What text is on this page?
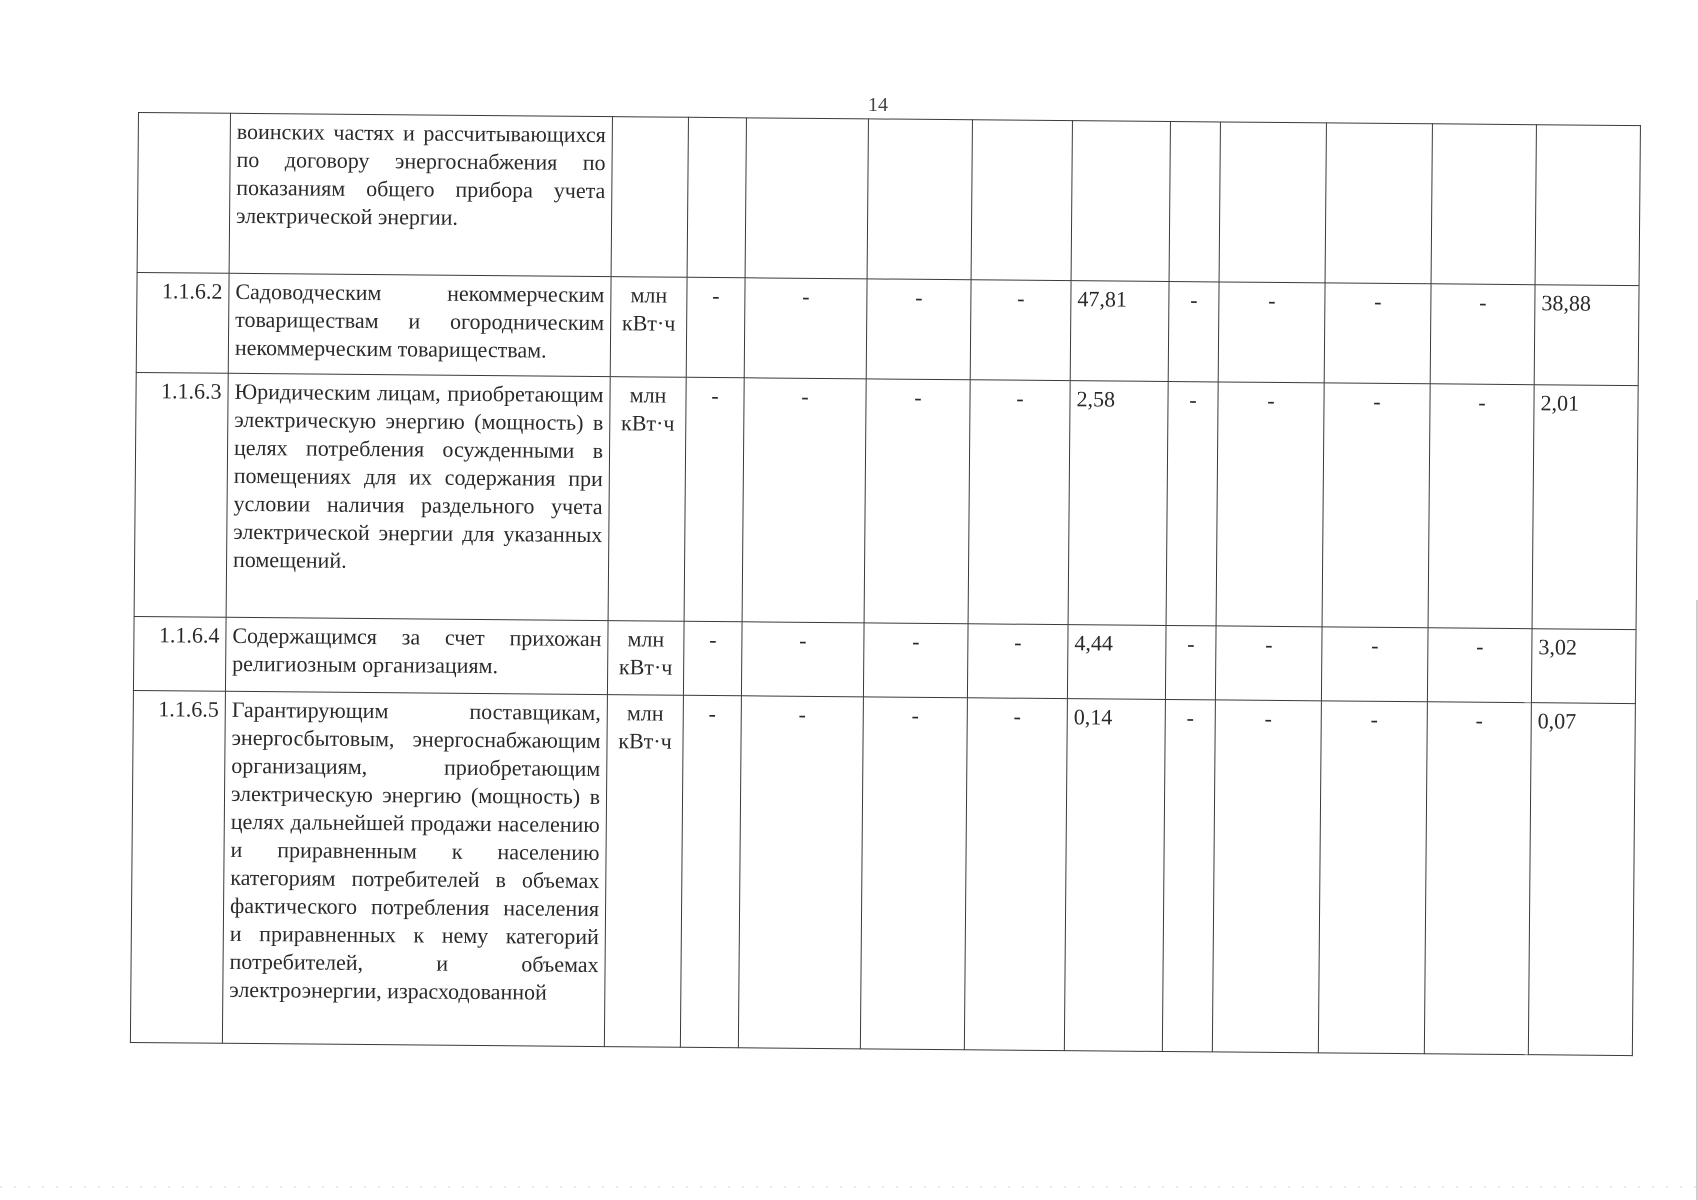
14
	воинских частях и рассчитывающихся по договору энергоснабжения по показаниям общего прибора учета электрической энергии.											
1.1.6.2	Садоводческим некоммерческим товариществам и огородническим некоммерческим товариществам.	млн кВт·ч	-	-	-	-	47,81	-	-	-	-	38,88
1.1.6.3	Юридическим лицам, приобретающим электрическую энергию (мощность) в целях потребления осужденными в помещениях для их содержания при условии наличия раздельного учета электрической энергии для указанных помещений.	млн кВт·ч	-	-	-	-	2,58	-	-	-	-	2,01
1.1.6.4	Содержащимся за счет прихожан религиозным организациям.	млн кВт·ч	-	-	-	-	4,44	-	-	-	-	3,02
1.1.6.5	Гарантирующим поставщикам, энергосбытовым, энергоснабжающим организациям, приобретающим электрическую энергию (мощность) в целях дальнейшей продажи населению и приравненным к населению категориям потребителей в объемах фактического потребления населения и приравненных к нему категорий потребителей, и объемах электроэнергии, израсходованной	млн кВт·ч	-	-	-	-	0,14	-	-	-	-	0,07
